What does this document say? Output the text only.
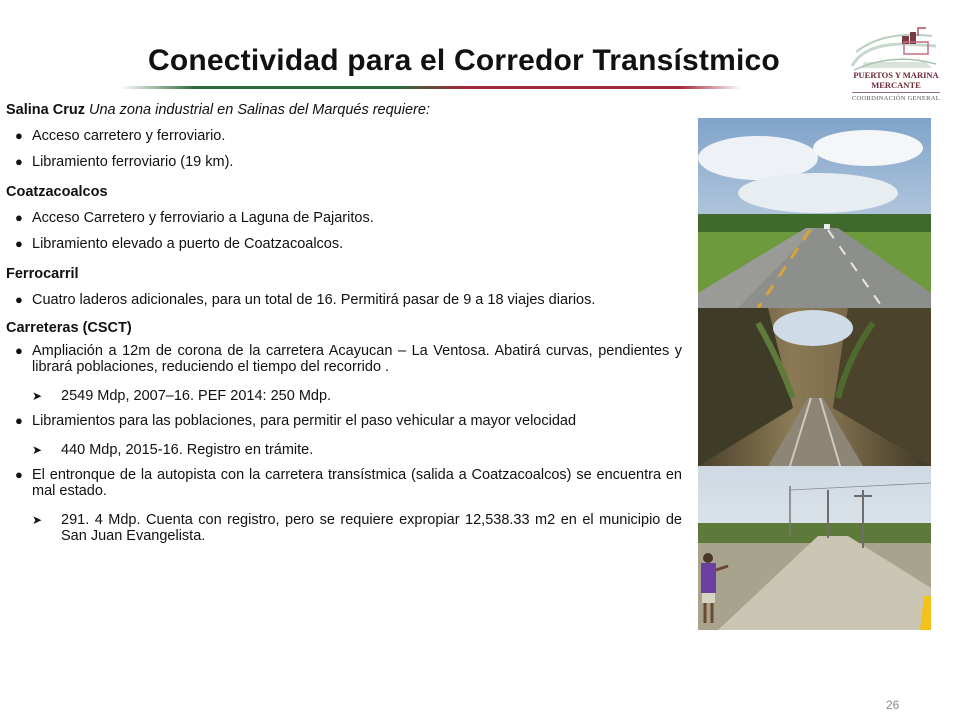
Conectividad para el Corredor Transístmico	PUERTOS Y MARINA
MERCANTE
COORDINACIÓN GENERAL
Salina Cruz Una zona industrial en Salinas del Marqués requiere:
● Acceso carretero y ferroviario.
● Libramiento ferroviario (19 km).
Coatzacoalcos
● Acceso Carretero y ferroviario a Laguna de Pajaritos.
● Libramiento elevado a puerto de Coatzacoalcos.
Ferrocarril
● Cuatro laderos adicionales, para un total de 16. Permitirá pasar de 9 a 18 viajes diarios.
Carreteras (CSCT)
● Ampliación a 12m de corona de la carretera Acayucan – La Ventosa. Abatirá curvas, pendientes y librará poblaciones, reduciendo el tiempo del recorrido .
➤ 2549 Mdp, 2007–16. PEF 2014: 250 Mdp.
● Libramientos para las poblaciones, para permitir el paso vehicular a mayor velocidad
➤ 440 Mdp, 2015-16. Registro en trámite.
● El entronque de la autopista con la carretera transístmica (salida a Coatzacoalcos) se encuentra en mal estado.
➤ 291. 4 Mdp. Cuenta con registro, pero se requiere expropiar 12,538.33 m2 en el municipio de San Juan Evangelista.
26
